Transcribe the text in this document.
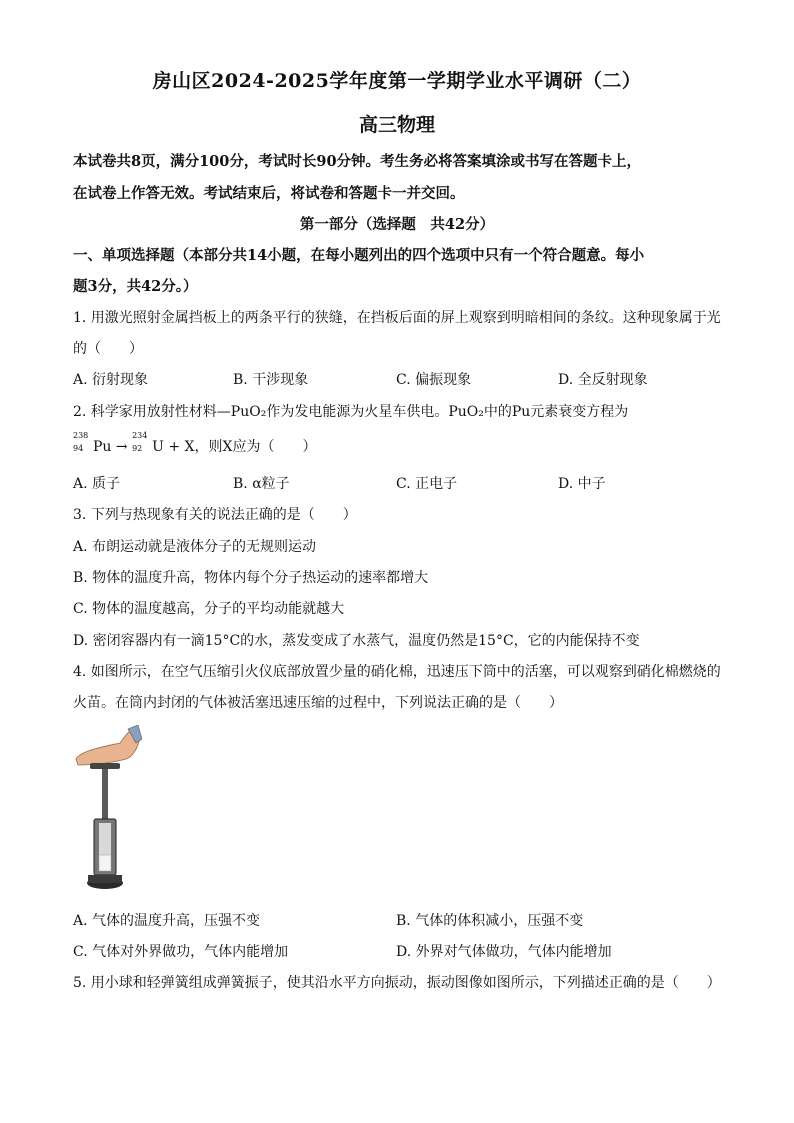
房山区2024-2025学年度第一学期学业水平调研（二）
高三物理
本试卷共8页，满分100分，考试时长90分钟。考生务必将答案填涂或书写在答题卡上，
在试卷上作答无效。考试结束后，将试卷和答题卡一并交回。
第一部分（选择题　共42分）
一、单项选择题（本部分共14小题，在每小题列出的四个选项中只有一个符合题意。每小
题3分，共42分。）
1. 用激光照射金属挡板上的两条平行的狭缝，在挡板后面的屏上观察到明暗相间的条纹。这种现象属于光
的（　　）
A. 衍射现象	B. 干涉现象	C. 偏振现象	D. 全反射现象
2. 科学家用放射性材料—PuO₂作为发电能源为火星车供电。PuO₂中的Pu元素衰变方程为
238
94 Pu →
234
92 U + X，则X应为（　　）
A. 质子	B. α粒子	C. 正电子	D. 中子
3. 下列与热现象有关的说法正确的是（　　）
A. 布朗运动就是液体分子的无规则运动
B. 物体的温度升高，物体内每个分子热运动的速率都增大
C. 物体的温度越高，分子的平均动能就越大
D. 密闭容器内有一滴15°C的水，蒸发变成了水蒸气，温度仍然是15°C，它的内能保持不变
4. 如图所示，在空气压缩引火仪底部放置少量的硝化棉，迅速压下筒中的活塞，可以观察到硝化棉燃烧的
火苗。在筒内封闭的气体被活塞迅速压缩的过程中，下列说法正确的是（　　）
A. 气体的温度升高，压强不变	B. 气体的体积减小，压强不变
C. 气体对外界做功，气体内能增加	D. 外界对气体做功，气体内能增加
5. 用小球和轻弹簧组成弹簧振子，使其沿水平方向振动，振动图像如图所示，下列描述正确的是（　　）
